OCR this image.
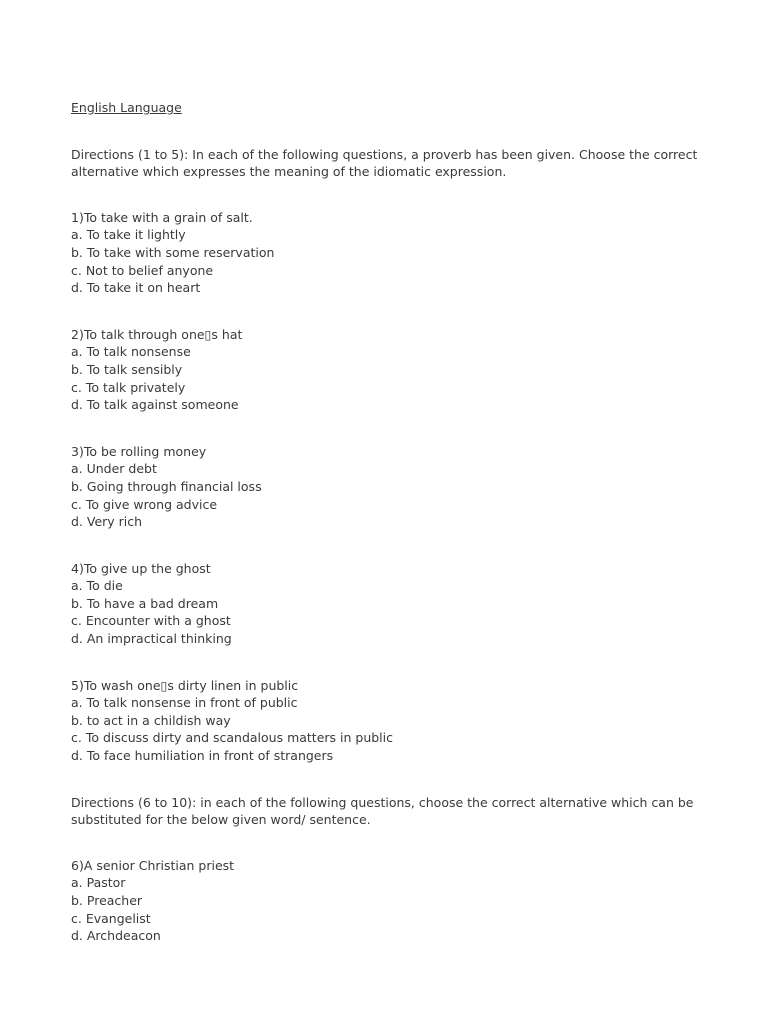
English Language

Directions (1 to 5): In each of the following questions, a proverb has been given. Choose the correct alternative which expresses the meaning of the idiomatic expression.

1)To take with a grain of salt.
a. To take it lightly
b. To take with some reservation
c. Not to belief anyone
d. To take it on heart
2)To talk through one▯s hat
a. To talk nonsense
b. To talk sensibly
c. To talk privately
d. To talk against someone
3)To be rolling money
a. Under debt
b. Going through financial loss
c. To give wrong advice
d. Very rich
4)To give up the ghost
a. To die
b. To have a bad dream
c. Encounter with a ghost
d. An impractical thinking
5)To wash one▯s dirty linen in public
a. To talk nonsense in front of public
b. to act in a childish way
c. To discuss dirty and scandalous matters in public
d. To face humiliation in front of strangers

Directions (6 to 10): in each of the following questions, choose the correct alternative which can be substituted for the below given word/ sentence.

6)A senior Christian priest
a. Pastor
b. Preacher
c. Evangelist
d. Archdeacon
